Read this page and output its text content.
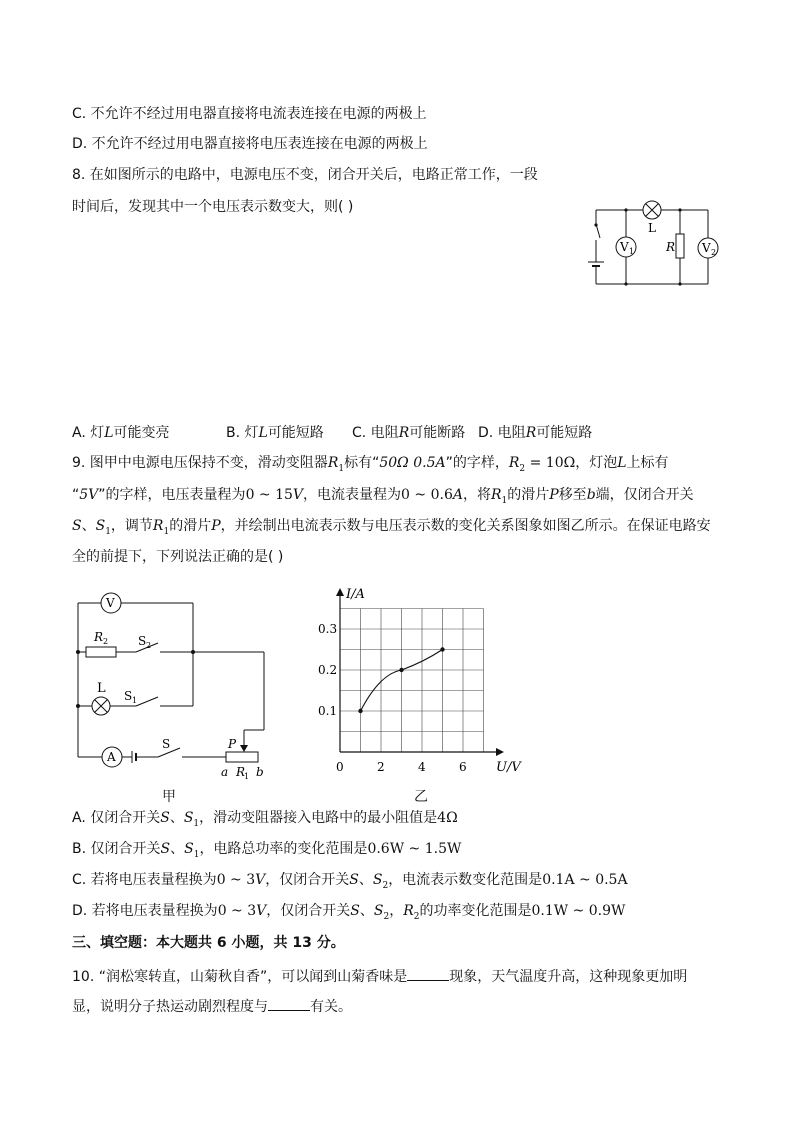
C. 不允许不经过用电器直接将电流表连接在电源的两极上
D. 不允许不经过用电器直接将电压表连接在电源的两极上
8. 在如图所示的电路中，电源电压不变，闭合开关后，电路正常工作，一段
时间后，发现其中一个电压表示数变大，则( )
L
R
V 1	V 2
A. 灯L可能变亮	B. 灯L可能短路 C. 电阻R可能断路 D. 电阻R可能短路
9. 图甲中电源电压保持不变，滑动变阻器$R_1$标有“50Ω 0.5A”的字样，$R_2 = 10\Omega$，灯泡L上标有
“5V”的字样，电压表量程为0 ~ 15V，电流表量程为0 ~ 0.6A，将$R_1$的滑片P移至b端，仅闭合开关
S、$S_1$，调节$R_1$的滑片P，并绘制出电流表示数与电压表示数的变化关系图象如图乙所示。在保证电路安
全的前提下，下列说法正确的是( )
V
R 2 S 2
L S 1
A
S	P
a R
1 b
甲
I/A
U/V
0	2	4	6
0.1
0.2
0.3
乙
A. 仅闭合开关S、$S_1$，滑动变阻器接入电路中的最小阻值是4Ω
B. 仅闭合开关S、$S_1$，电路总功率的变化范围是0.6W ~ 1.5W
C. 若将电压表量程换为0 ~ 3V，仅闭合开关S、$S_2$，电流表示数变化范围是0.1A ~ 0.5A
D. 若将电压表量程换为0 ~ 3V，仅闭合开关S、$S_2$，$R_2$的功率变化范围是0.1W ~ 0.9W
三、填空题：本大题共 6 小题，共 13 分。
10. “润松寒转直，山菊秋自香”，可以闻到山菊香味是	现象，天气温度升高，这种现象更加明
显，说明分子热运动剧烈程度与	有关。
